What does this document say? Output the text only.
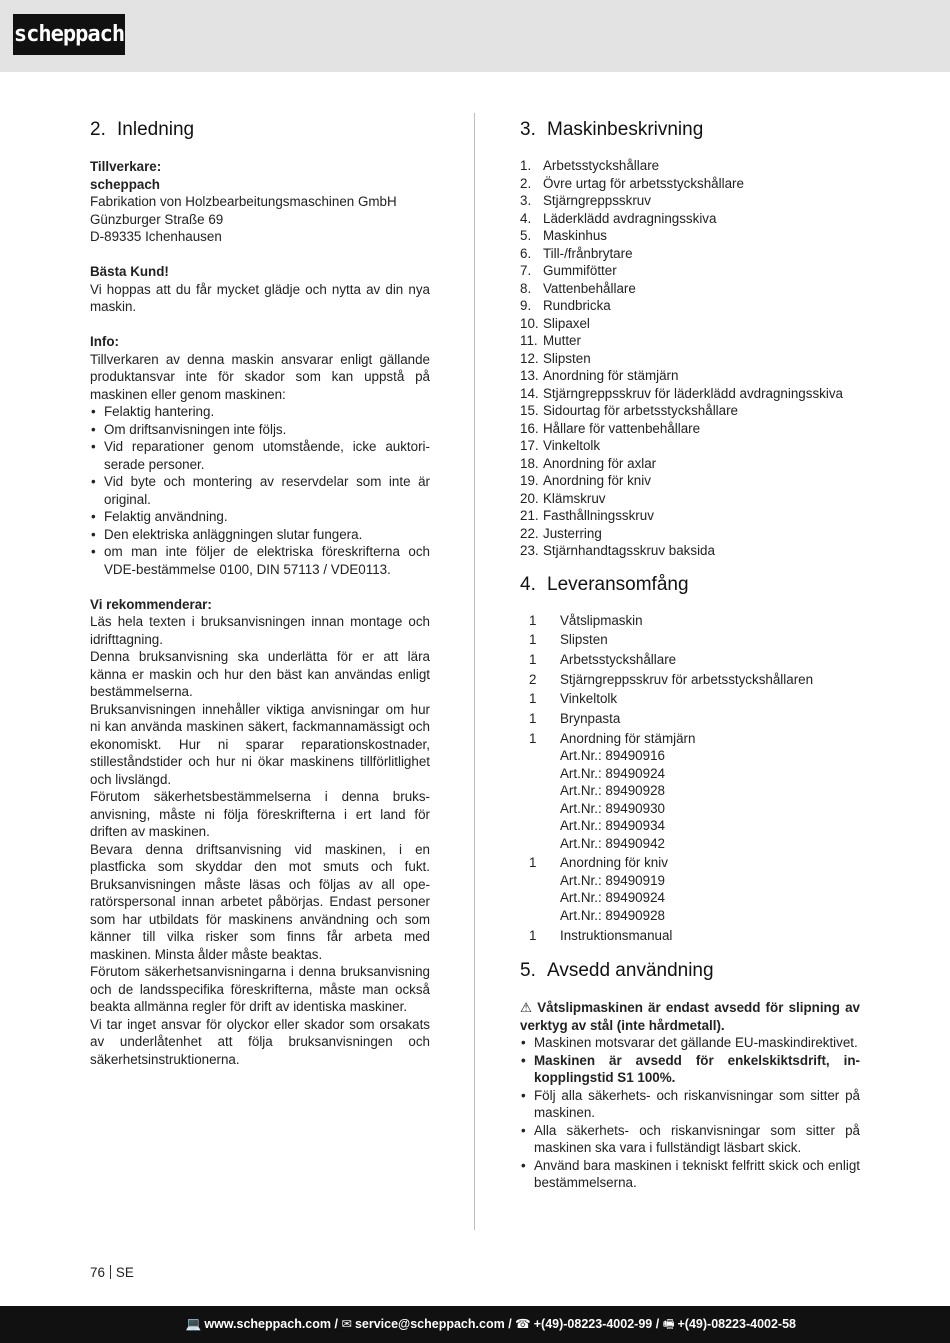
scheppach
2. Inledning
Tillverkare:
scheppach
Fabrikation von Holzbearbeitungsmaschinen GmbH
Günzburger Straße 69
D-89335 Ichenhausen
Bästa Kund!

Vi hoppas att du får mycket glädje och nytta av din nya maskin.

Info:

Tillverkaren av denna maskin ansvarar enligt gällande produktansvar inte för skador som kan uppstå på maskinen eller genom maskinen:

• Felaktig hantering.
• Om driftsanvisningen inte följs.
• Vid reparationer genom utomstående, icke auktoriserade personer.
• Vid byte och montering av reservdelar som inte är original.
• Felaktig användning.
• Den elektriska anläggningen slutar fungera.
• om man inte följer de elektriska föreskrifterna och VDE-bestämmelse 0100, DIN 57113 / VDE0113.
Vi rekommenderar:

Läs hela texten i bruksanvisningen innan montage och idrifttagning.

Denna bruksanvisning ska underlätta för er att lära känna er maskin och hur den bäst kan användas enligt bestämmelserna.

Bruksanvisningen innehåller viktiga anvisningar om hur ni kan använda maskinen säkert, fackmannamässigt och ekonomiskt. Hur ni sparar reparationskostnader, stilleståndstider och hur ni ökar maskinens tillförlitlighet och livslängd.

Förutom säkerhetsbestämmelserna i denna bruksanvisning, måste ni följa föreskrifterna i ert land för driften av maskinen.

Bevara denna driftsanvisning vid maskinen, i en plastficka som skyddar den mot smuts och fukt. Bruksanvisningen måste läsas och följas av all operatörspersonal innan arbetet påbörjas. Endast personer som har utbildats för maskinens användning och som känner till vilka risker som finns får arbeta med maskinen. Minsta ålder måste beaktas.

Förutom säkerhetsanvisningarna i denna bruksanvisning och de landsspecifika föreskrifterna, måste man också beakta allmänna regler för drift av identiska maskiner.

Vi tar inget ansvar för olyckor eller skador som orsakats av underlåtenhet att följa bruksanvisningen och säkerhetsinstruktionerna.

3. Maskinbeskrivning
1. Arbetsstyckshållare
2. Övre urtag för arbetsstyckshållare
3. Stjärngreppsskruv
4. Läderklädd avdragningsskiva
5. Maskinhus
6. Till-/frånbrytare
7. Gummifötter
8. Vattenbehållare
9. Rundbricka
10. Slipaxel
11. Mutter
12. Slipsten
13. Anordning för stämjärn
14. Stjärngreppsskruv för läderklädd avdragningsskiva
15. Sidourtag för arbetsstyckshållare
16. Hållare för vattenbehållare
17. Vinkeltolk
18. Anordning för axlar
19. Anordning för kniv
20. Klämskruv
21. Fasthållningsskruv
22. Justerring
23. Stjärnhandtagsskruv baksida
4. Leveransomfång
1	Våtslipmaskin
1	Slipsten
1	Arbetsstyckshållare
2	Stjärngreppsskruv för arbetsstyckshållaren
1	Vinkeltolk
1	Brynpasta
1	Anordning för stämjärn
Art.Nr.: 89490916
Art.Nr.: 89490924
Art.Nr.: 89490928
Art.Nr.: 89490930
Art.Nr.: 89490934
Art.Nr.: 89490942
1	Anordning för kniv
Art.Nr.: 89490919
Art.Nr.: 89490924
Art.Nr.: 89490928
1	Instruktionsmanual
5. Avsedd användning

⚠ Våtslipmaskinen är endast avsedd för slipning av verktyg av stål (inte hårdmetall).

• Maskinen motsvarar det gällande EU-maskindirektivet.
• Maskinen är avsedd för enkelskiktsdrift, inkopplingstid S1 100%.
• Följ alla säkerhets- och riskanvisningar som sitter på maskinen.
• Alla säkerhets- och riskanvisningar som sitter på maskinen ska vara i fullständigt läsbart skick.
• Använd bara maskinen i tekniskt felfritt skick och enligt bestämmelserna.
76 SE
💻 www.scheppach.com / ✉ service@scheppach.com / ☎ +(49)-08223-4002-99 / 🖷 +(49)-08223-4002-58
